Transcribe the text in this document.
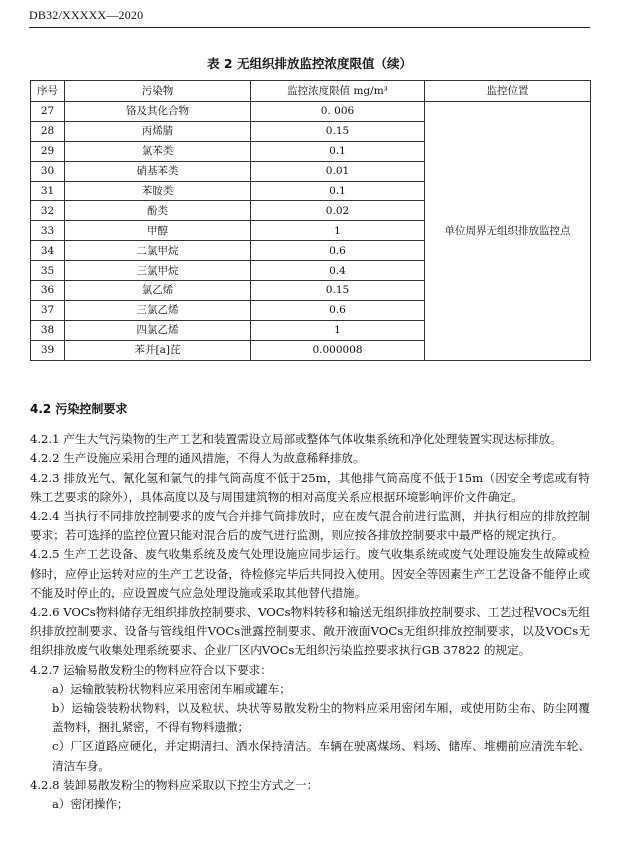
DB32/XXXXX—2020
表 2 无组织排放监控浓度限值（续）
序号	污染物	监控浓度限值 mg/m³	监控位置
27	铬及其化合物	0. 006	单位周界无组织排放监控点
28	丙烯腈	0.15	
29	氯苯类	0.1	
30	硝基苯类	0.01	
31	苯胺类	0.1	
32	酚类	0.02	
33	甲醇	1	
34	二氯甲烷	0.6	
35	三氯甲烷	0.4	
36	氯乙烯	0.15	
37	三氯乙烯	0.6	
38	四氯乙烯	1	
39	苯并[a]芘	0.000008	

4.2 污染控制要求

4.2.1 产生大气污染物的生产工艺和装置需设立局部或整体气体收集系统和净化处理装置实现达标排放。

4.2.2 生产设施应采用合理的通风措施，不得人为故意稀释排放。

4.2.3 排放光气、氰化氢和氯气的排气筒高度不低于25m，其他排气筒高度不低于15m（因安全考虑或有特殊工艺要求的除外），具体高度以及与周围建筑物的相对高度关系应根据环境影响评价文件确定。

4.2.4 当执行不同排放控制要求的废气合并排气筒排放时，应在废气混合前进行监测，并执行相应的排放控制要求；若可选择的监控位置只能对混合后的废气进行监测，则应按各排放控制要求中最严格的规定执行。

4.2.5 生产工艺设备、废气收集系统及废气处理设施应同步运行。废气收集系统或废气处理设施发生故障或检修时，应停止运转对应的生产工艺设备，待检修完毕后共同投入使用。因安全等因素生产工艺设备不能停止或不能及时停止的，应设置废气应急处理设施或采取其他替代措施。

4.2.6 VOCs物料储存无组织排放控制要求、VOCs物料转移和输送无组织排放控制要求、工艺过程VOCs无组织排放控制要求、设备与管线组件VOCs泄露控制要求、敞开液面VOCs无组织排放控制要求，以及VOCs无组织排放废气收集处理系统要求、企业厂区内VOCs无组织污染监控要求执行GB 37822 的规定。

4.2.7 运输易散发粉尘的物料应符合以下要求：

a）运输散装粉状物料应采用密闭车厢或罐车；

b）运输袋装粉状物料，以及粒状、块状等易散发粉尘的物料应采用密闭车厢，或使用防尘布、防尘网覆盖物料，捆扎紧密，不得有物料遗撒；

c）厂区道路应硬化，并定期清扫、洒水保持清洁。车辆在驶离煤场、料场、储库、堆棚前应清洗车轮、清洁车身。

4.2.8 装卸易散发粉尘的物料应采取以下控尘方式之一：

a）密闭操作；
